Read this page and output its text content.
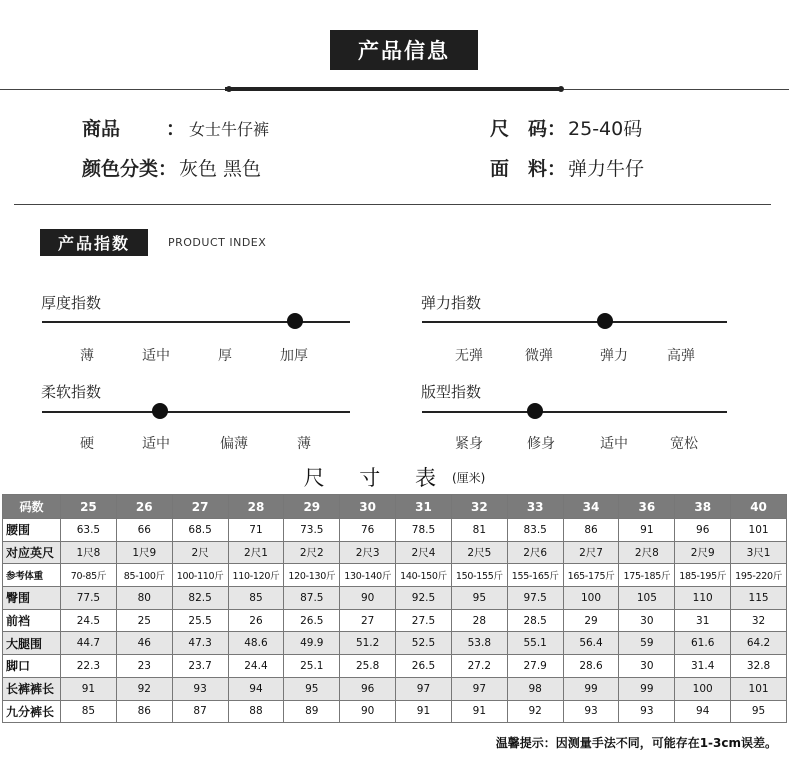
产品信息
商品 ： 女士牛仔裤
颜色分类： 灰色 黑色
尺　码： 25-40码
面　料： 弹力牛仔
产品指数	PRODUCT INDEX
厚度指数
薄	适中	厚	加厚
弹力指数
无弹	微弹	弹力	高弹
柔软指数
硬	适中	偏薄	薄
版型指数
紧身	修身	适中	宽松
尺 寸 表 (厘米)
码数	25	26	27	28	29	30	31	32	33	34	36	38	40
腰围	63.5	66	68.5	71	73.5	76	78.5	81	83.5	86	91	96	101
对应英尺	1尺8	1尺9	2尺	2尺1	2尺2	2尺3	2尺4	2尺5	2尺6	2尺7	2尺8	2尺9	3尺1
参考体重	70-85斤	85-100斤	100-110斤	110-120斤	120-130斤	130-140斤	140-150斤	150-155斤	155-165斤	165-175斤	175-185斤	185-195斤	195-220斤
臀围	77.5	80	82.5	85	87.5	90	92.5	95	97.5	100	105	110	115
前裆	24.5	25	25.5	26	26.5	27	27.5	28	28.5	29	30	31	32
大腿围	44.7	46	47.3	48.6	49.9	51.2	52.5	53.8	55.1	56.4	59	61.6	64.2
脚口	22.3	23	23.7	24.4	25.1	25.8	26.5	27.2	27.9	28.6	30	31.4	32.8
长裤裤长	91	92	93	94	95	96	97	97	98	99	99	100	101
九分裤长	85	86	87	88	89	90	91	91	92	93	93	94	95
温馨提示：因测量手法不同，可能存在1-3cm误差。
